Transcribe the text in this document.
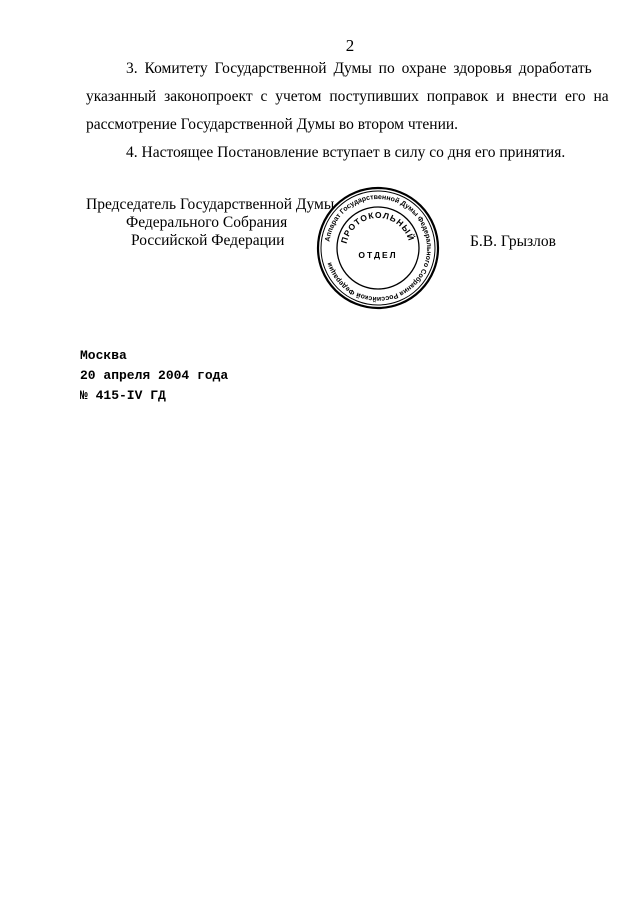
2
3. Комитету Государственной Думы по охране здоровья доработать
указанный законопроект с учетом поступивших поправок и внести его на
рассмотрение Государственной Думы во втором чтении.
4. Настоящее Постановление вступает в силу со дня его принятия.
Председатель Государственной Думы
Федерального Собрания
Российской Федерации	Б.В. Грызлов
Аппарат Государственной Думы Федерального Собрания Российской Федерации
ПРОТОКОЛЬНЫЙ
ОТДЕЛ
Москва
20 апреля 2004 года
№ 415-IV ГД
